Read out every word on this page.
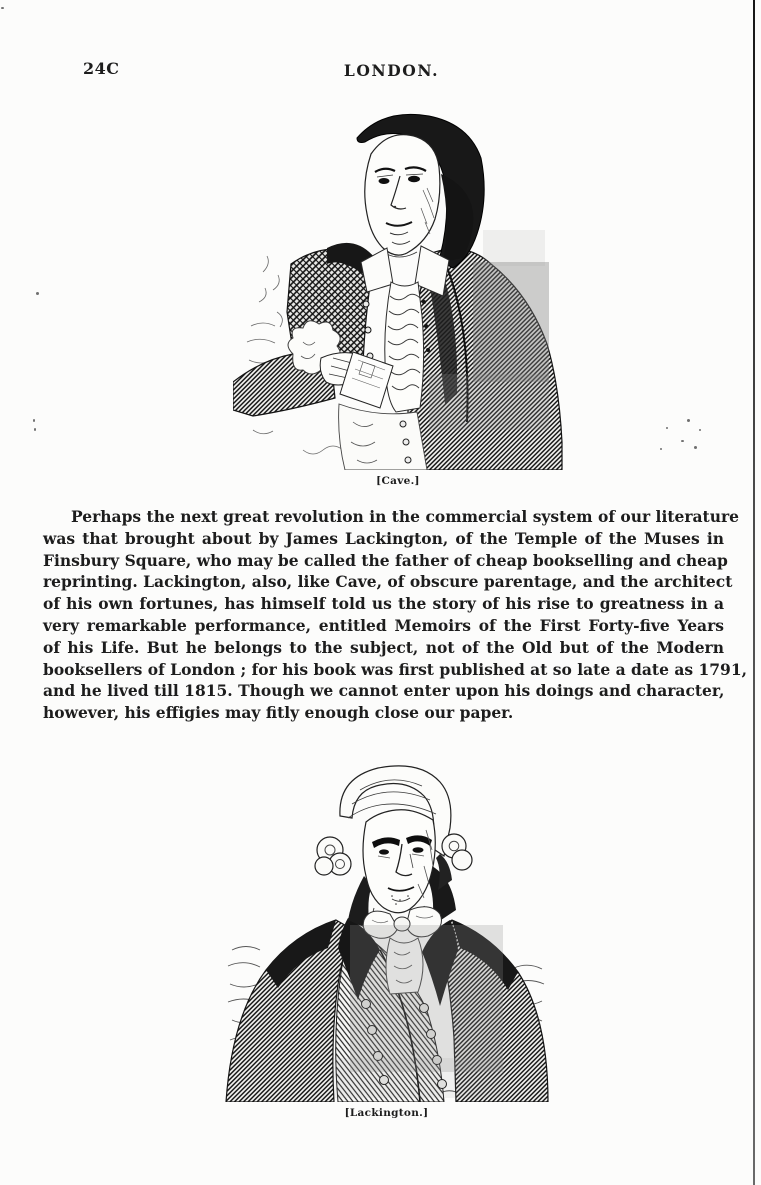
24C	LONDON.
[Cave.]
Perhaps the next great revolution in the commercial system of our literature
was that brought about by James Lackington, of the Temple of the Muses in
Finsbury Square, who may be called the father of cheap bookselling and cheap
reprinting. Lackington, also, like Cave, of obscure parentage, and the architect
of his own fortunes, has himself told us the story of his rise to greatness in a
very remarkable performance, entitled Memoirs of the First Forty-five Years
of his Life. But he belongs to the subject, not of the Old but of the Modern
booksellers of London ; for his book was first published at so late a date as 1791,
and he lived till 1815. Though we cannot enter upon his doings and character,
however, his effigies may fitly enough close our paper.
[Lackington.]
